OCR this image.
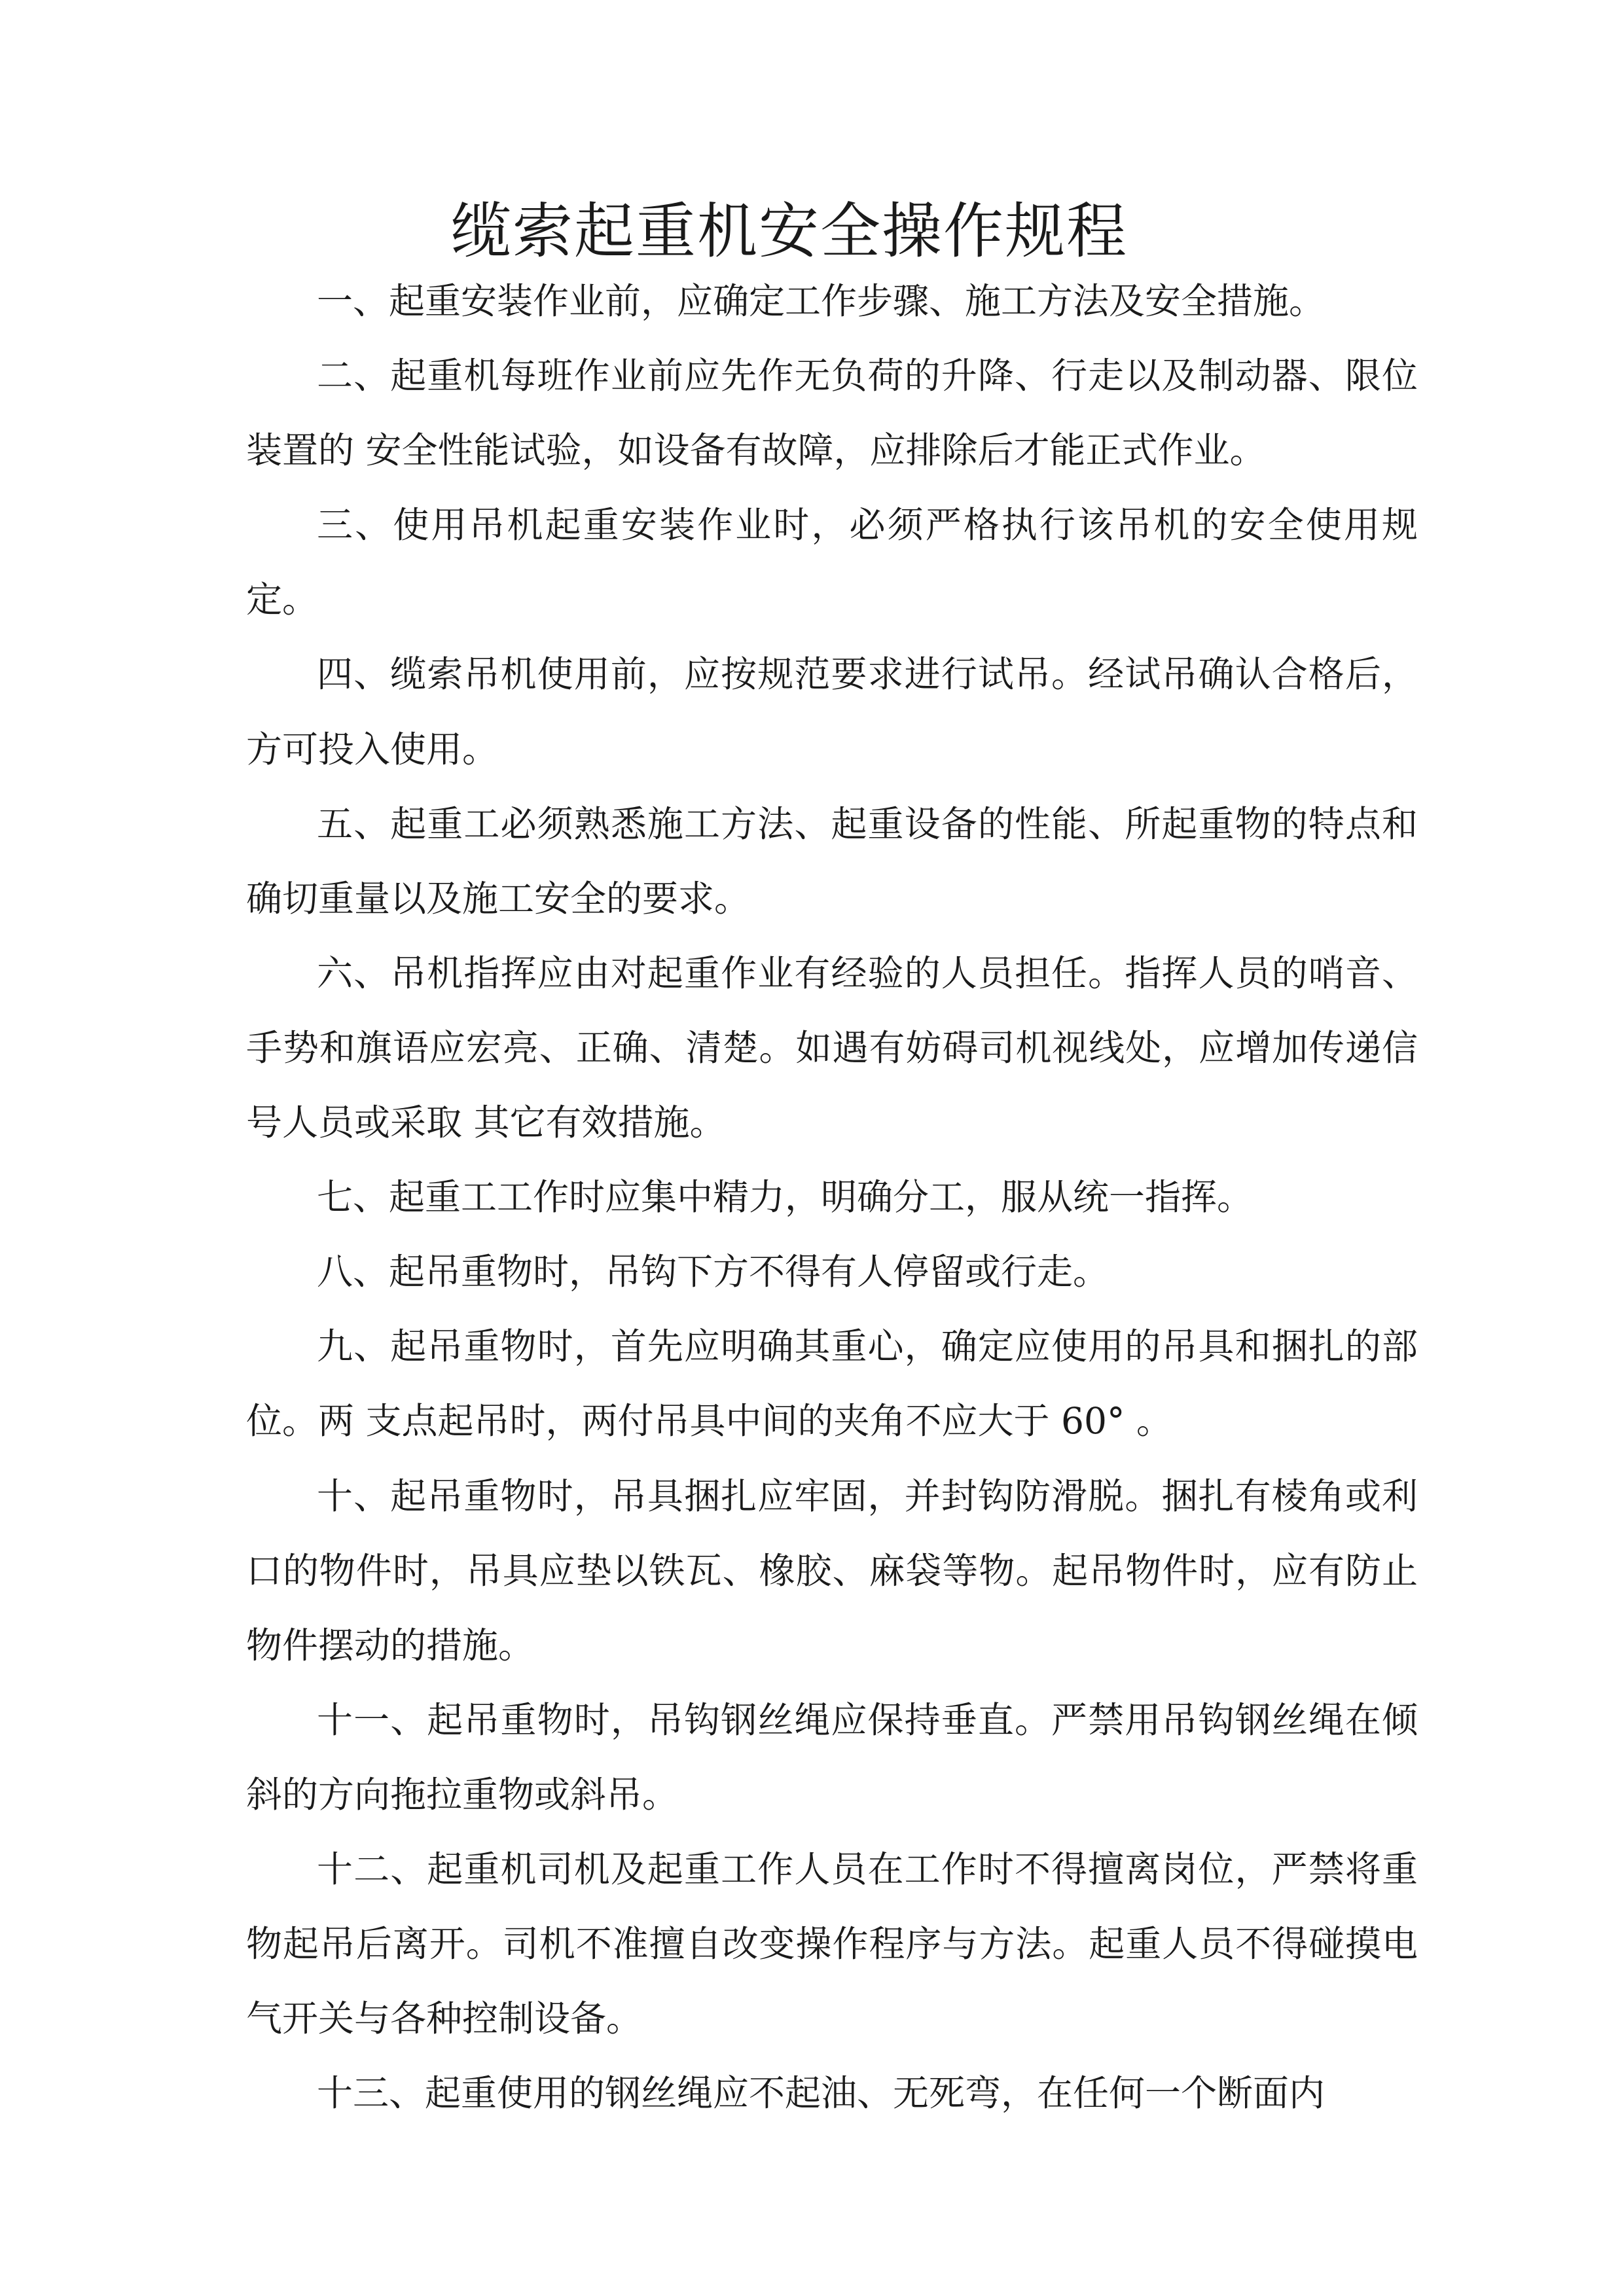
缆索起重机安全操作规程

一、起重安装作业前，应确定工作步骤、施工方法及安全措施。

二、起重机每班作业前应先作无负荷的升降、行走以及制动器、限位装置的 安全性能试验，如设备有故障，应排除后才能正式作业。

三、使用吊机起重安装作业时，必须严格执行该吊机的安全使用规定。

四、缆索吊机使用前，应按规范要求进行试吊。经试吊确认合格后，方可投入使用。

五、起重工必须熟悉施工方法、起重设备的性能、所起重物的特点和确切重量以及施工安全的要求。

六、吊机指挥应由对起重作业有经验的人员担任。指挥人员的哨音、手势和旗语应宏亮、正确、清楚。如遇有妨碍司机视线处，应增加传递信号人员或采取 其它有效措施。

七、起重工工作时应集中精力，明确分工，服从统一指挥。

八、起吊重物时，吊钩下方不得有人停留或行走。

九、起吊重物时，首先应明确其重心，确定应使用的吊具和捆扎的部位。两 支点起吊时，两付吊具中间的夹角不应大于 60° 。

十、起吊重物时，吊具捆扎应牢固，并封钩防滑脱。捆扎有棱角或利口的物件时，吊具应垫以铁瓦、橡胶、麻袋等物。起吊物件时，应有防止物件摆动的措施。

十一、起吊重物时，吊钩钢丝绳应保持垂直。严禁用吊钩钢丝绳在倾斜的方向拖拉重物或斜吊。

十二、起重机司机及起重工作人员在工作时不得擅离岗位，严禁将重物起吊后离开。司机不准擅自改变操作程序与方法。起重人员不得碰摸电气开关与各种控制设备。

十三、起重使用的钢丝绳应不起油、无死弯，在任何一个断面内
